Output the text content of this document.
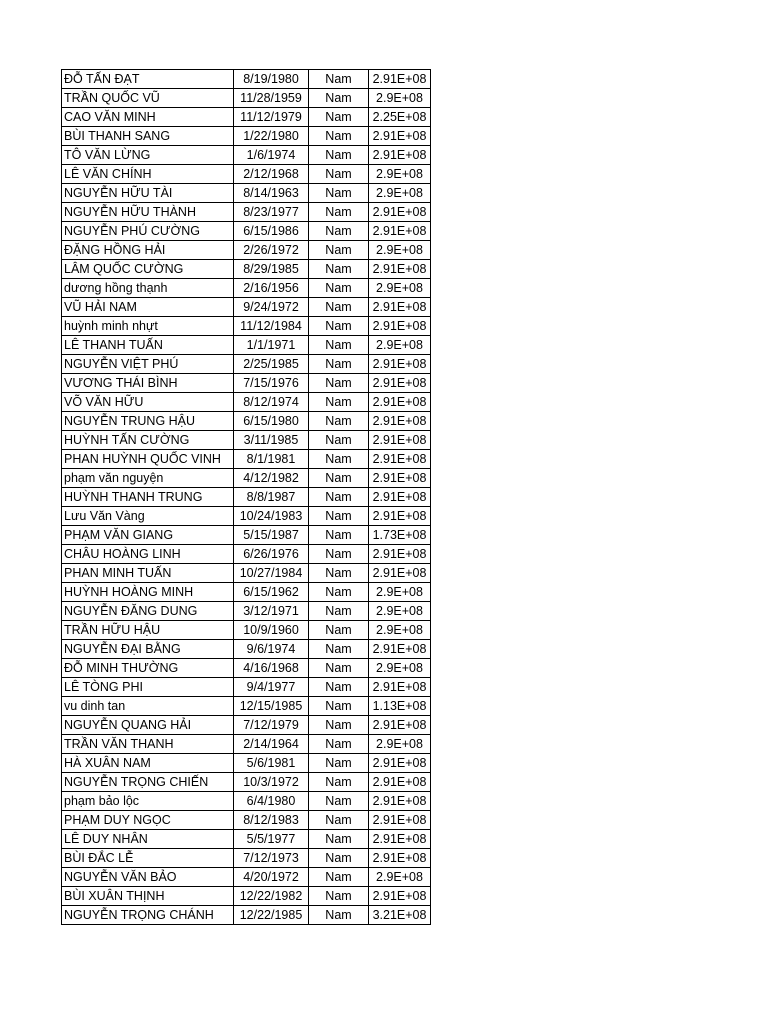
ĐỖ TẤN ĐẠT	8/19/1980	Nam	2.91E+08
TRẦN QUỐC VŨ	11/28/1959	Nam	2.9E+08
CAO VĂN MINH	11/12/1979	Nam	2.25E+08
BÙI THANH SANG	1/22/1980	Nam	2.91E+08
TÔ VĂN LỪNG	1/6/1974	Nam	2.91E+08
LÊ VĂN CHÍNH	2/12/1968	Nam	2.9E+08
NGUYỄN HỮU TÀI	8/14/1963	Nam	2.9E+08
NGUYỄN HỮU THÀNH	8/23/1977	Nam	2.91E+08
NGUYỄN PHÚ CƯỜNG	6/15/1986	Nam	2.91E+08
ĐẶNG HỒNG HẢI	2/26/1972	Nam	2.9E+08
LÂM QUỐC CƯỜNG	8/29/1985	Nam	2.91E+08
dương hồng thạnh	2/16/1956	Nam	2.9E+08
VŨ HẢI NAM	9/24/1972	Nam	2.91E+08
huỳnh minh nhựt	11/12/1984	Nam	2.91E+08
LÊ THANH TUẤN	1/1/1971	Nam	2.9E+08
NGUYỄN VIỆT PHÚ	2/25/1985	Nam	2.91E+08
VƯƠNG THÁI BÌNH	7/15/1976	Nam	2.91E+08
VÕ VĂN HỮU	8/12/1974	Nam	2.91E+08
NGUYỄN TRUNG HẬU	6/15/1980	Nam	2.91E+08
HUỲNH TẤN CƯỜNG	3/11/1985	Nam	2.91E+08
PHAN HUỲNH QUỐC VINH	8/1/1981	Nam	2.91E+08
phạm văn nguyện	4/12/1982	Nam	2.91E+08
HUỲNH THANH TRUNG	8/8/1987	Nam	2.91E+08
Lưu Văn Vàng	10/24/1983	Nam	2.91E+08
PHẠM VĂN GIANG	5/15/1987	Nam	1.73E+08
CHÂU HOÀNG LINH	6/26/1976	Nam	2.91E+08
PHAN MINH TUẤN	10/27/1984	Nam	2.91E+08
HUỲNH HOÀNG MINH	6/15/1962	Nam	2.9E+08
NGUYỄN ĐĂNG DUNG	3/12/1971	Nam	2.9E+08
TRẦN HỮU HẬU	10/9/1960	Nam	2.9E+08
NGUYỄN ĐẠI BẰNG	9/6/1974	Nam	2.91E+08
ĐỖ MINH THƯỜNG	4/16/1968	Nam	2.9E+08
LÊ TÒNG PHI	9/4/1977	Nam	2.91E+08
vu dinh tan	12/15/1985	Nam	1.13E+08
NGUYỄN QUANG HẢI	7/12/1979	Nam	2.91E+08
TRẦN VĂN THANH	2/14/1964	Nam	2.9E+08
HÀ XUÂN NAM	5/6/1981	Nam	2.91E+08
NGUYỄN TRỌNG CHIẾN	10/3/1972	Nam	2.91E+08
phạm bảo lộc	6/4/1980	Nam	2.91E+08
PHẠM DUY NGỌC	8/12/1983	Nam	2.91E+08
LÊ DUY NHÂN	5/5/1977	Nam	2.91E+08
BÙI ĐẮC LỄ	7/12/1973	Nam	2.91E+08
NGUYỄN VĂN BẢO	4/20/1972	Nam	2.9E+08
BÙI XUÂN THỊNH	12/22/1982	Nam	2.91E+08
NGUYỄN TRỌNG CHÁNH	12/22/1985	Nam	3.21E+08
